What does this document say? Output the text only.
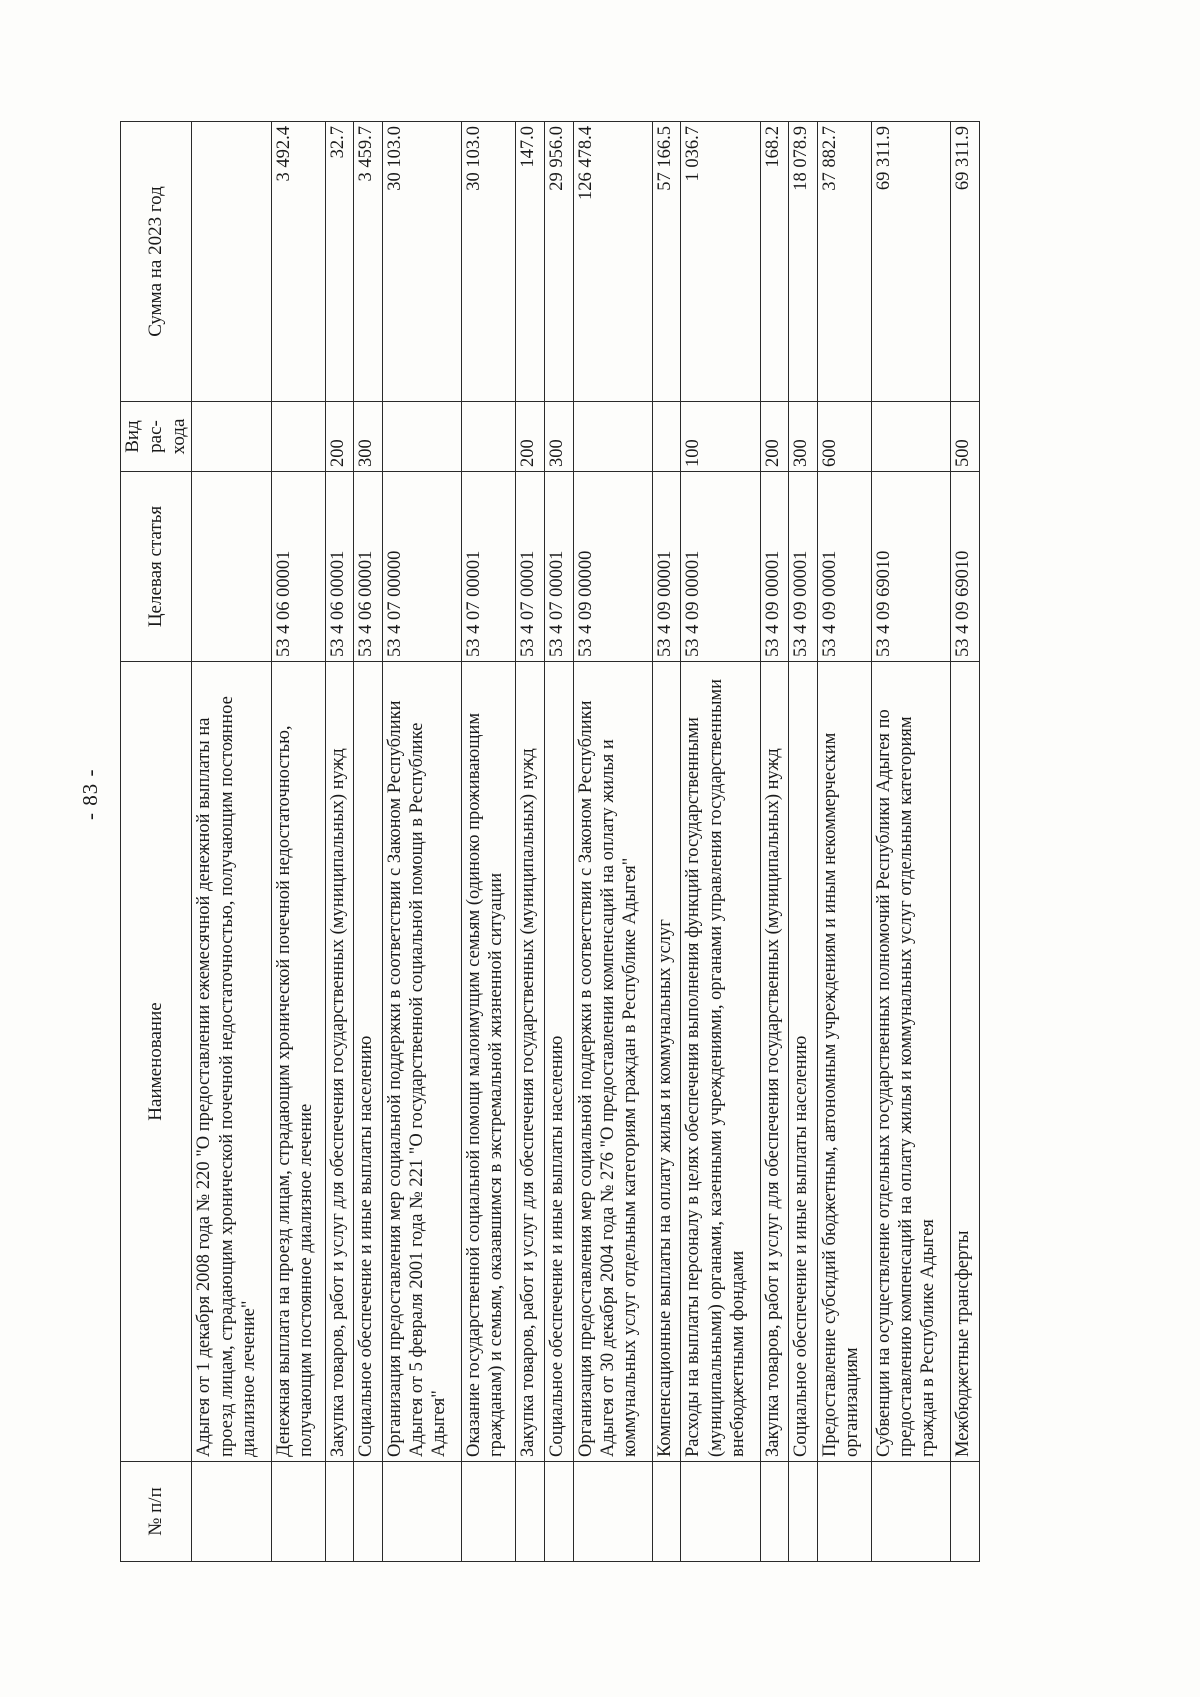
- 83 -
№ п/п	Наименование	Целевая статья	Вид рас-хода	Сумма на 2023 год
	Адыгея от 1 декабря 2008 года № 220 "О предоставлении ежемесячной денежной выплаты на проезд лицам, страдающим хронической почечной недостаточностью, получающим постоянное диализное лечение"			
	Денежная выплата на проезд лицам, страдающим хронической почечной недостаточностью, получающим постоянное диализное лечение	53 4 06 00001		3 492.4
	Закупка товаров, работ и услуг для обеспечения государственных (муниципальных) нужд	53 4 06 00001	200	32.7
	Социальное обеспечение и иные выплаты населению	53 4 06 00001	300	3 459.7
	Организация предоставления мер социальной поддержки в соответствии с Законом Республики Адыгея от 5 февраля 2001 года № 221 "О государственной социальной помощи в Республике Адыгея"	53 4 07 00000		30 103.0
	Оказание государственной социальной помощи малоимущим семьям (одиноко проживающим гражданам) и семьям, оказавшимся в экстремальной жизненной ситуации	53 4 07 00001		30 103.0
	Закупка товаров, работ и услуг для обеспечения государственных (муниципальных) нужд	53 4 07 00001	200	147.0
	Социальное обеспечение и иные выплаты населению	53 4 07 00001	300	29 956.0
	Организация предоставления мер социальной поддержки в соответствии с Законом Республики Адыгея от 30 декабря 2004 года № 276 "О предоставлении компенсаций на оплату жилья и коммунальных услуг отдельным категориям граждан в Республике Адыгея"	53 4 09 00000		126 478.4
	Компенсационные выплаты на оплату жилья и коммунальных услуг	53 4 09 00001		57 166.5
	Расходы на выплаты персоналу в целях обеспечения выполнения функций государственными (муниципальными) органами, казенными учреждениями, органами управления государственными внебюджетными фондами	53 4 09 00001	100	1 036.7
	Закупка товаров, работ и услуг для обеспечения государственных (муниципальных) нужд	53 4 09 00001	200	168.2
	Социальное обеспечение и иные выплаты населению	53 4 09 00001	300	18 078.9
	Предоставление субсидий бюджетным, автономным учреждениям и иным некоммерческим организациям	53 4 09 00001	600	37 882.7
	Субвенции на осуществление отдельных государственных полномочий Республики Адыгея по предоставлению компенсаций на оплату жилья и коммунальных услуг отдельным категориям граждан в Республике Адыгея	53 4 09 69010		69 311.9
	Межбюджетные трансферты	53 4 09 69010	500	69 311.9
